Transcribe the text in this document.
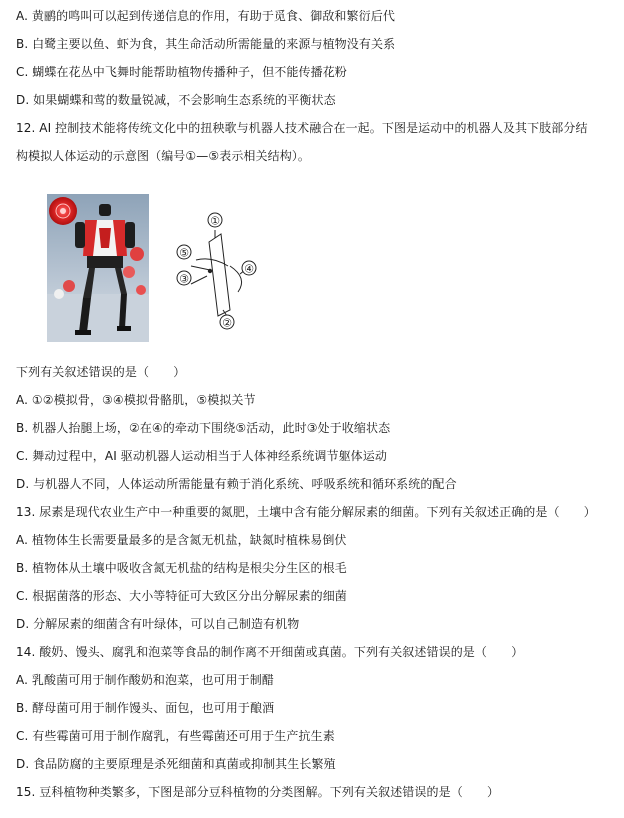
A. 黄鹂的鸣叫可以起到传递信息的作用，有助于觅食、御敌和繁衍后代
B. 白鹭主要以鱼、虾为食，其生命活动所需能量的来源与植物没有关系
C. 蝴蝶在花丛中飞舞时能帮助植物传播种子，但不能传播花粉
D. 如果蝴蝶和莺的数量锐减，不会影响生态系统的平衡状态
12. AI 控制技术能将传统文化中的扭秧歌与机器人技术融合在一起。下图是运动中的机器人及其下肢部分结
构模拟人体运动的示意图（编号①—⑤表示相关结构）。
①
②
③
④
⑤
下列有关叙述错误的是（　　）
A. ①②模拟骨，③④模拟骨骼肌，⑤模拟关节
B. 机器人抬腿上场，②在④的牵动下围绕⑤活动，此时③处于收缩状态
C. 舞动过程中，AI 驱动机器人运动相当于人体神经系统调节躯体运动
D. 与机器人不同，人体运动所需能量有赖于消化系统、呼吸系统和循环系统的配合
13. 尿素是现代农业生产中一种重要的氮肥，土壤中含有能分解尿素的细菌。下列有关叙述正确的是（　　）
A. 植物体生长需要量最多的是含氮无机盐，缺氮时植株易倒伏
B. 植物体从土壤中吸收含氮无机盐的结构是根尖分生区的根毛
C. 根据菌落的形态、大小等特征可大致区分出分解尿素的细菌
D. 分解尿素的细菌含有叶绿体，可以自己制造有机物
14. 酸奶、馒头、腐乳和泡菜等食品的制作离不开细菌或真菌。下列有关叙述错误的是（　　）
A. 乳酸菌可用于制作酸奶和泡菜，也可用于制醋
B. 酵母菌可用于制作馒头、面包，也可用于酿酒
C. 有些霉菌可用于制作腐乳，有些霉菌还可用于生产抗生素
D. 食品防腐的主要原理是杀死细菌和真菌或抑制其生长繁殖
15. 豆科植物种类繁多，下图是部分豆科植物的分类图解。下列有关叙述错误的是（　　）
